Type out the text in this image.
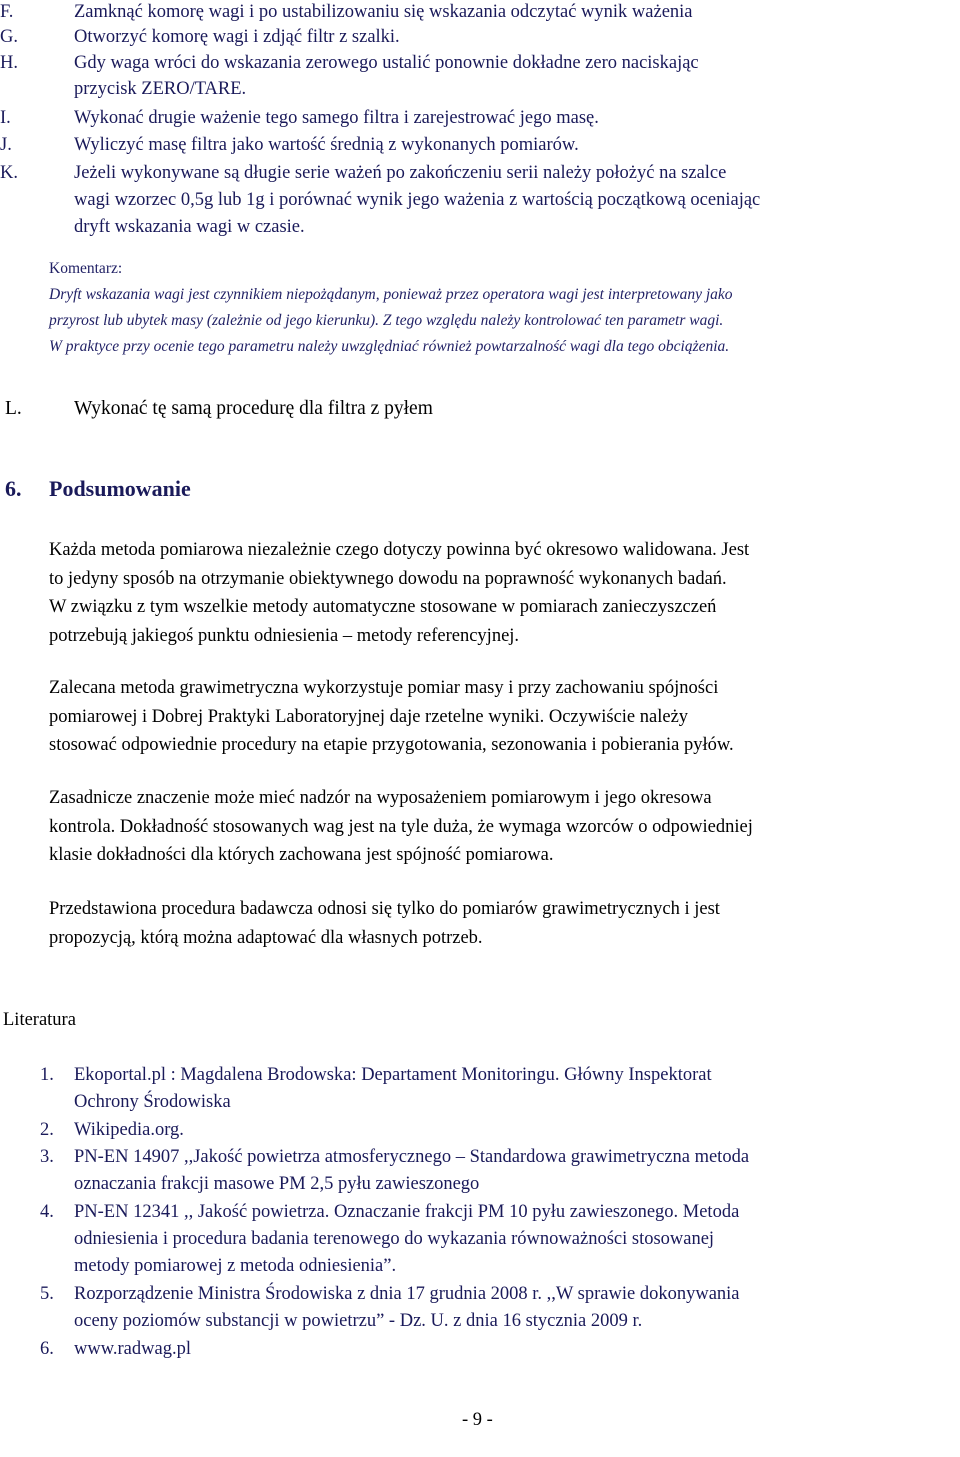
F.	Zamknąć komorę wagi i po ustabilizowaniu się wskazania odczytać wynik ważenia
G.	Otworzyć komorę wagi i zdjąć filtr z szalki.
H.	Gdy waga wróci do wskazania zerowego ustalić ponownie dokładne zero naciskając
przycisk ZERO/TARE.
I.	Wykonać drugie ważenie tego samego filtra i zarejestrować jego masę.
J.	Wyliczyć masę filtra jako wartość średnią z wykonanych pomiarów.
K.	Jeżeli wykonywane są długie serie ważeń po zakończeniu serii należy położyć na szalce
wagi wzorzec 0,5g lub 1g i porównać wynik jego ważenia z wartością początkową oceniając
dryft wskazania wagi w czasie.
Komentarz:
Dryft wskazania wagi jest czynnikiem niepożądanym, ponieważ przez operatora wagi jest interpretowany jako
przyrost lub ubytek masy (zależnie od jego kierunku). Z tego względu należy kontrolować ten parametr wagi.
W praktyce przy ocenie tego parametru należy uwzględniać również powtarzalność wagi dla tego obciążenia.
L.	Wykonać tę samą procedurę dla filtra z pyłem
6. Podsumowanie
Każda metoda pomiarowa niezależnie czego dotyczy powinna być okresowo walidowana. Jest
to jedyny sposób na otrzymanie obiektywnego dowodu na poprawność wykonanych badań.
W związku z tym wszelkie metody automatyczne stosowane w pomiarach zanieczyszczeń
potrzebują jakiegoś punktu odniesienia – metody referencyjnej.
Zalecana metoda grawimetryczna wykorzystuje pomiar masy i przy zachowaniu spójności
pomiarowej i Dobrej Praktyki Laboratoryjnej daje rzetelne wyniki. Oczywiście należy
stosować odpowiednie procedury na etapie przygotowania, sezonowania i pobierania pyłów.
Zasadnicze znaczenie może mieć nadzór na wyposażeniem pomiarowym i jego okresowa
kontrola. Dokładność stosowanych wag jest na tyle duża, że wymaga wzorców o odpowiedniej
klasie dokładności dla których zachowana jest spójność pomiarowa.
Przedstawiona procedura badawcza odnosi się tylko do pomiarów grawimetrycznych i jest
propozycją, którą można adaptować dla własnych potrzeb.
Literatura
1. Ekoportal.pl : Magdalena Brodowska: Departament Monitoringu. Główny Inspektorat
Ochrony Środowiska
2. Wikipedia.org.
3. PN-EN 14907 ,,Jakość powietrza atmosferycznego – Standardowa grawimetryczna metoda
oznaczania frakcji masowe PM 2,5 pyłu zawieszonego
4. PN-EN 12341 ,, Jakość powietrza. Oznaczanie frakcji PM 10 pyłu zawieszonego. Metoda
odniesienia i procedura badania terenowego do wykazania równoważności stosowanej
metody pomiarowej z metoda odniesienia”.
5. Rozporządzenie Ministra Środowiska z dnia 17 grudnia 2008 r. ,,W sprawie dokonywania
oceny poziomów substancji w powietrzu” - Dz. U. z dnia 16 stycznia 2009 r.
6. www.radwag.pl
- 9 -
